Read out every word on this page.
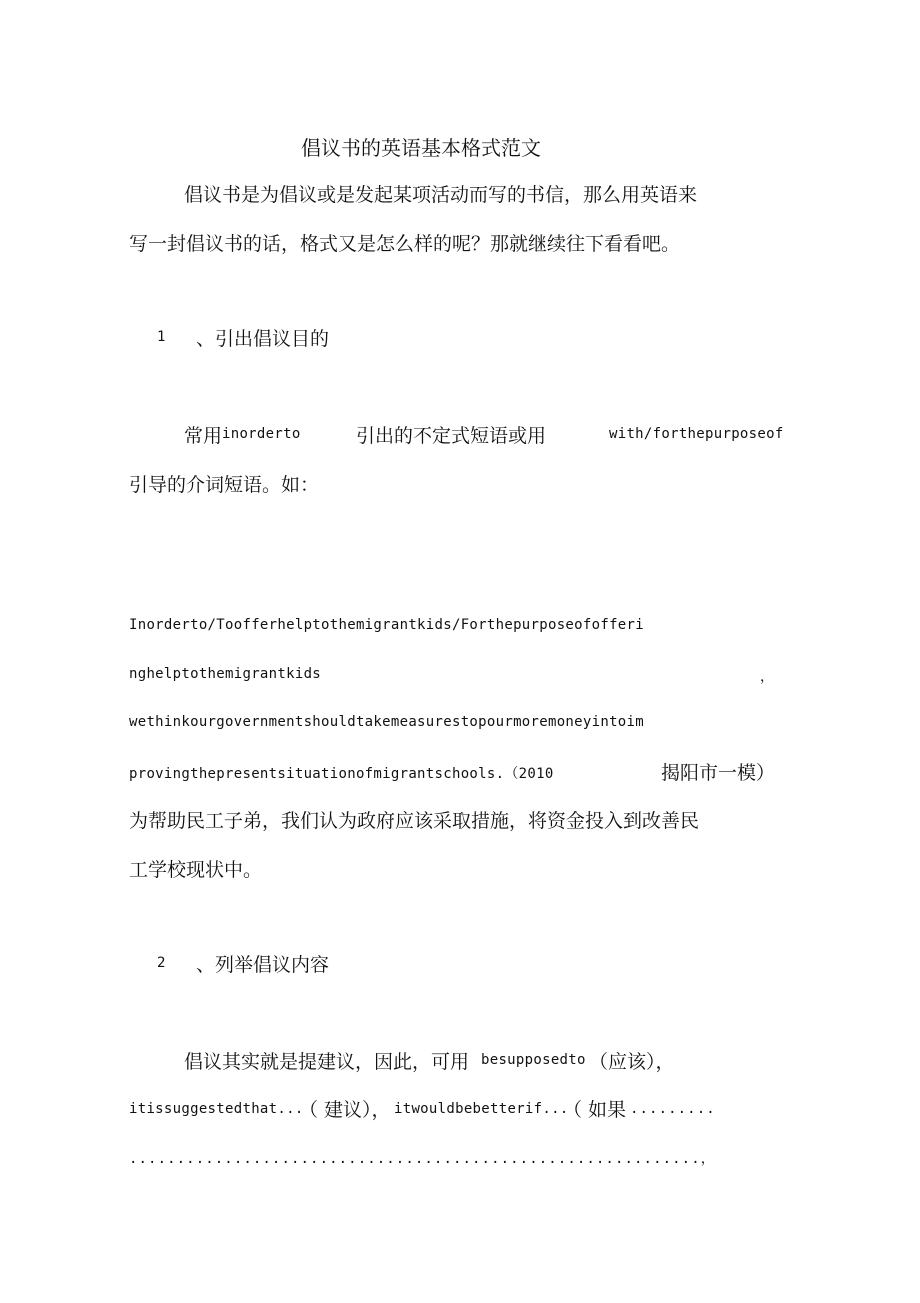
倡议书的英语基本格式范文
倡议书是为倡议或是发起某项活动而写的书信，那么用英语来
写一封倡议书的话，格式又是怎么样的呢？那就继续往下看看吧。
1 、引出倡议目的
常用 inorderto	引出的不定式短语或用	with/forthepurposeof
引导的介词短语。如：
Inorderto/Toofferhelptothemigrantkids/Forthepurposeofofferi
nghelptothemigrantkids	，
wethinkourgovernmentshouldtakemeasurestopourmoremoneyintoim
provingthepresentsituationofmigrantschools.（2010	揭阳市一模）
为帮助民工子弟，我们认为政府应该采取措施，将资金投入到改善民
工学校现状中。
2 、列举倡议内容
倡议其实就是提建议，因此，可用 besupposedto （应该），
itissuggestedthat...
（ 建议）， itwouldbebetterif...
（ 如果 .........
............................................................，
